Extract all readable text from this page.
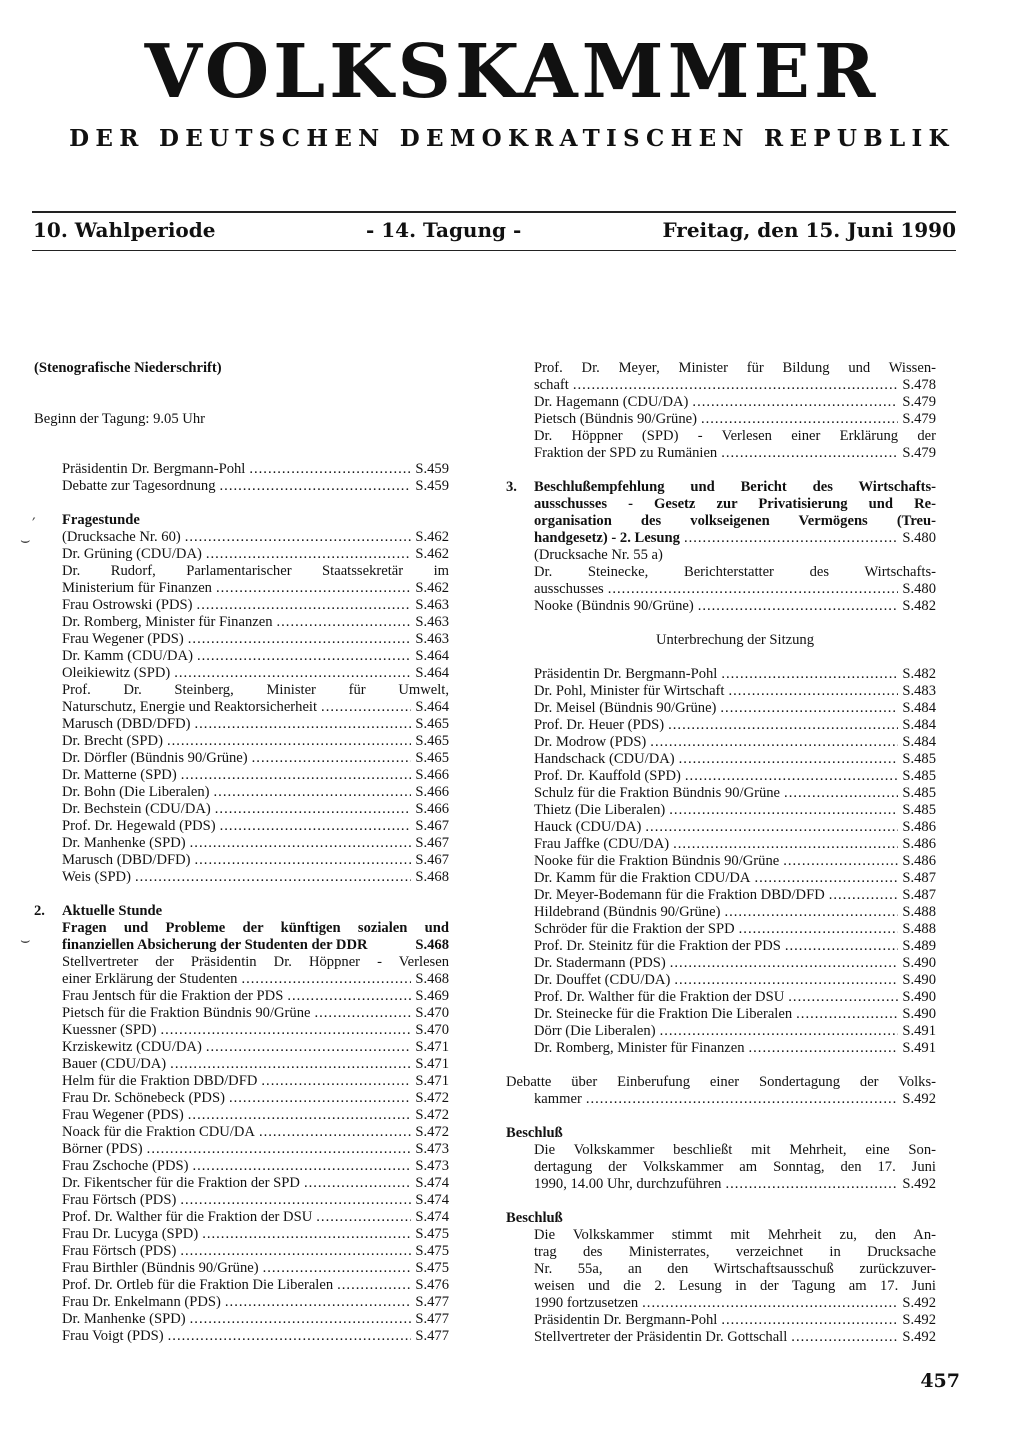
VOLKSKAMMER
DER DEUTSCHEN DEMOKRATISCHEN REPUBLIK
10. Wahlperiode	- 14. Tagung -	Freitag, den 15. Juni 1990
(Stenografische Niederschrift)
Beginn der Tagung: 9.05 Uhr
Präsidentin Dr. Bergmann-Pohl .....	S.459
Debatte zur Tagesordnung .....	S.459
Fragestunde
(Drucksache Nr. 60) .....	S.462
Dr. Grüning (CDU/DA) .....	S.462
Dr. Rudorf, Parlamentarischer Staatssekretär im
Ministerium für Finanzen .....	S.462
Frau Ostrowski (PDS) .....	S.463
Dr. Romberg, Minister für Finanzen .....	S.463
Frau Wegener (PDS) .....	S.463
Dr. Kamm (CDU/DA) .....	S.464
Oleikiewitz (SPD) .....	S.464
Prof. Dr. Steinberg, Minister für Umwelt,
Naturschutz, Energie und Reaktorsicherheit .....	S.464
Marusch (DBD/DFD) .....	S.465
Dr. Brecht (SPD) .....	S.465
Dr. Dörfler (Bündnis 90/Grüne) .....	S.465
Dr. Matterne (SPD) .....	S.466
Dr. Bohn (Die Liberalen) .....	S.466
Dr. Bechstein (CDU/DA) .....	S.466
Prof. Dr. Hegewald (PDS) .....	S.467
Dr. Manhenke (SPD) .....	S.467
Marusch (DBD/DFD) .....	S.467
Weis (SPD) .....	S.468
2.	Aktuelle Stunde
Fragen und Probleme der künftigen sozialen und
finanziellen Absicherung der Studenten der DDR	S.468
Stellvertreter der Präsidentin Dr. Höppner - Verlesen
einer Erklärung der Studenten .....	S.468
Frau Jentsch für die Fraktion der PDS .....	S.469
Pietsch für die Fraktion Bündnis 90/Grüne .....	S.470
Kuessner (SPD) .....	S.470
Krziskewitz (CDU/DA) .....	S.471
Bauer (CDU/DA) .....	S.471
Helm für die Fraktion DBD/DFD .....	S.471
Frau Dr. Schönebeck (PDS) .....	S.472
Frau Wegener (PDS) .....	S.472
Noack für die Fraktion CDU/DA .....	S.472
Börner (PDS) .....	S.473
Frau Zschoche (PDS) .....	S.473
Dr. Fikentscher für die Fraktion der SPD .....	S.474
Frau Förtsch (PDS) .....	S.474
Prof. Dr. Walther für die Fraktion der DSU .....	S.474
Frau Dr. Lucyga (SPD) .....	S.475
Frau Förtsch (PDS) .....	S.475
Frau Birthler (Bündnis 90/Grüne) .....	S.475
Prof. Dr. Ortleb für die Fraktion Die Liberalen .....	S.476
Frau Dr. Enkelmann (PDS) .....	S.477
Dr. Manhenke (SPD) .....	S.477
Frau Voigt (PDS) .....	S.477
Prof. Dr. Meyer, Minister für Bildung und Wissen-
schaft .....	S.478
Dr. Hagemann (CDU/DA) .....	S.479
Pietsch (Bündnis 90/Grüne) .....	S.479
Dr. Höppner (SPD) - Verlesen einer Erklärung der
Fraktion der SPD zu Rumänien .....	S.479
3.	Beschlußempfehlung und Bericht des Wirtschafts-
ausschusses - Gesetz zur Privatisierung und Re-
organisation des volkseigenen Vermögens (Treu-
handgesetz) - 2. Lesung .....	S.480
(Drucksache Nr. 55 a)
Dr. Steinecke, Berichterstatter des Wirtschafts-
ausschusses .....	S.480
Nooke (Bündnis 90/Grüne) .....	S.482
Unterbrechung der Sitzung
Präsidentin Dr. Bergmann-Pohl .....	S.482
Dr. Pohl, Minister für Wirtschaft .....	S.483
Dr. Meisel (Bündnis 90/Grüne) .....	S.484
Prof. Dr. Heuer (PDS) .....	S.484
Dr. Modrow (PDS) .....	S.484
Handschack (CDU/DA) .....	S.485
Prof. Dr. Kauffold (SPD) .....	S.485
Schulz für die Fraktion Bündnis 90/Grüne .....	S.485
Thietz (Die Liberalen) .....	S.485
Hauck (CDU/DA) .....	S.486
Frau Jaffke (CDU/DA) .....	S.486
Nooke für die Fraktion Bündnis 90/Grüne .....	S.486
Dr. Kamm für die Fraktion CDU/DA .....	S.487
Dr. Meyer-Bodemann für die Fraktion DBD/DFD .....	S.487
Hildebrand (Bündnis 90/Grüne) .....	S.488
Schröder für die Fraktion der SPD .....	S.488
Prof. Dr. Steinitz für die Fraktion der PDS .....	S.489
Dr. Stadermann (PDS) .....	S.490
Dr. Douffet (CDU/DA) .....	S.490
Prof. Dr. Walther für die Fraktion der DSU .....	S.490
Dr. Steinecke für die Fraktion Die Liberalen .....	S.490
Dörr (Die Liberalen) .....	S.491
Dr. Romberg, Minister für Finanzen .....	S.491
Debatte über Einberufung einer Sondertagung der Volks-
kammer .....	S.492
Beschluß
Die Volkskammer beschließt mit Mehrheit, eine Son-
dertagung der Volkskammer am Sonntag, den 17. Juni
1990, 14.00 Uhr, durchzuführen .....	S.492
Beschluß
Die Volkskammer stimmt mit Mehrheit zu, den An-
trag des Ministerrates, verzeichnet in Drucksache
Nr. 55a, an den Wirtschaftsausschuß zurückzuver-
weisen und die 2. Lesung in der Tagung am 17. Juni
1990 fortzusetzen .....	S.492
Präsidentin Dr. Bergmann-Pohl .....	S.492
Stellvertreter der Präsidentin Dr. Gottschall .....	S.492
′
⌣
⌣
457
